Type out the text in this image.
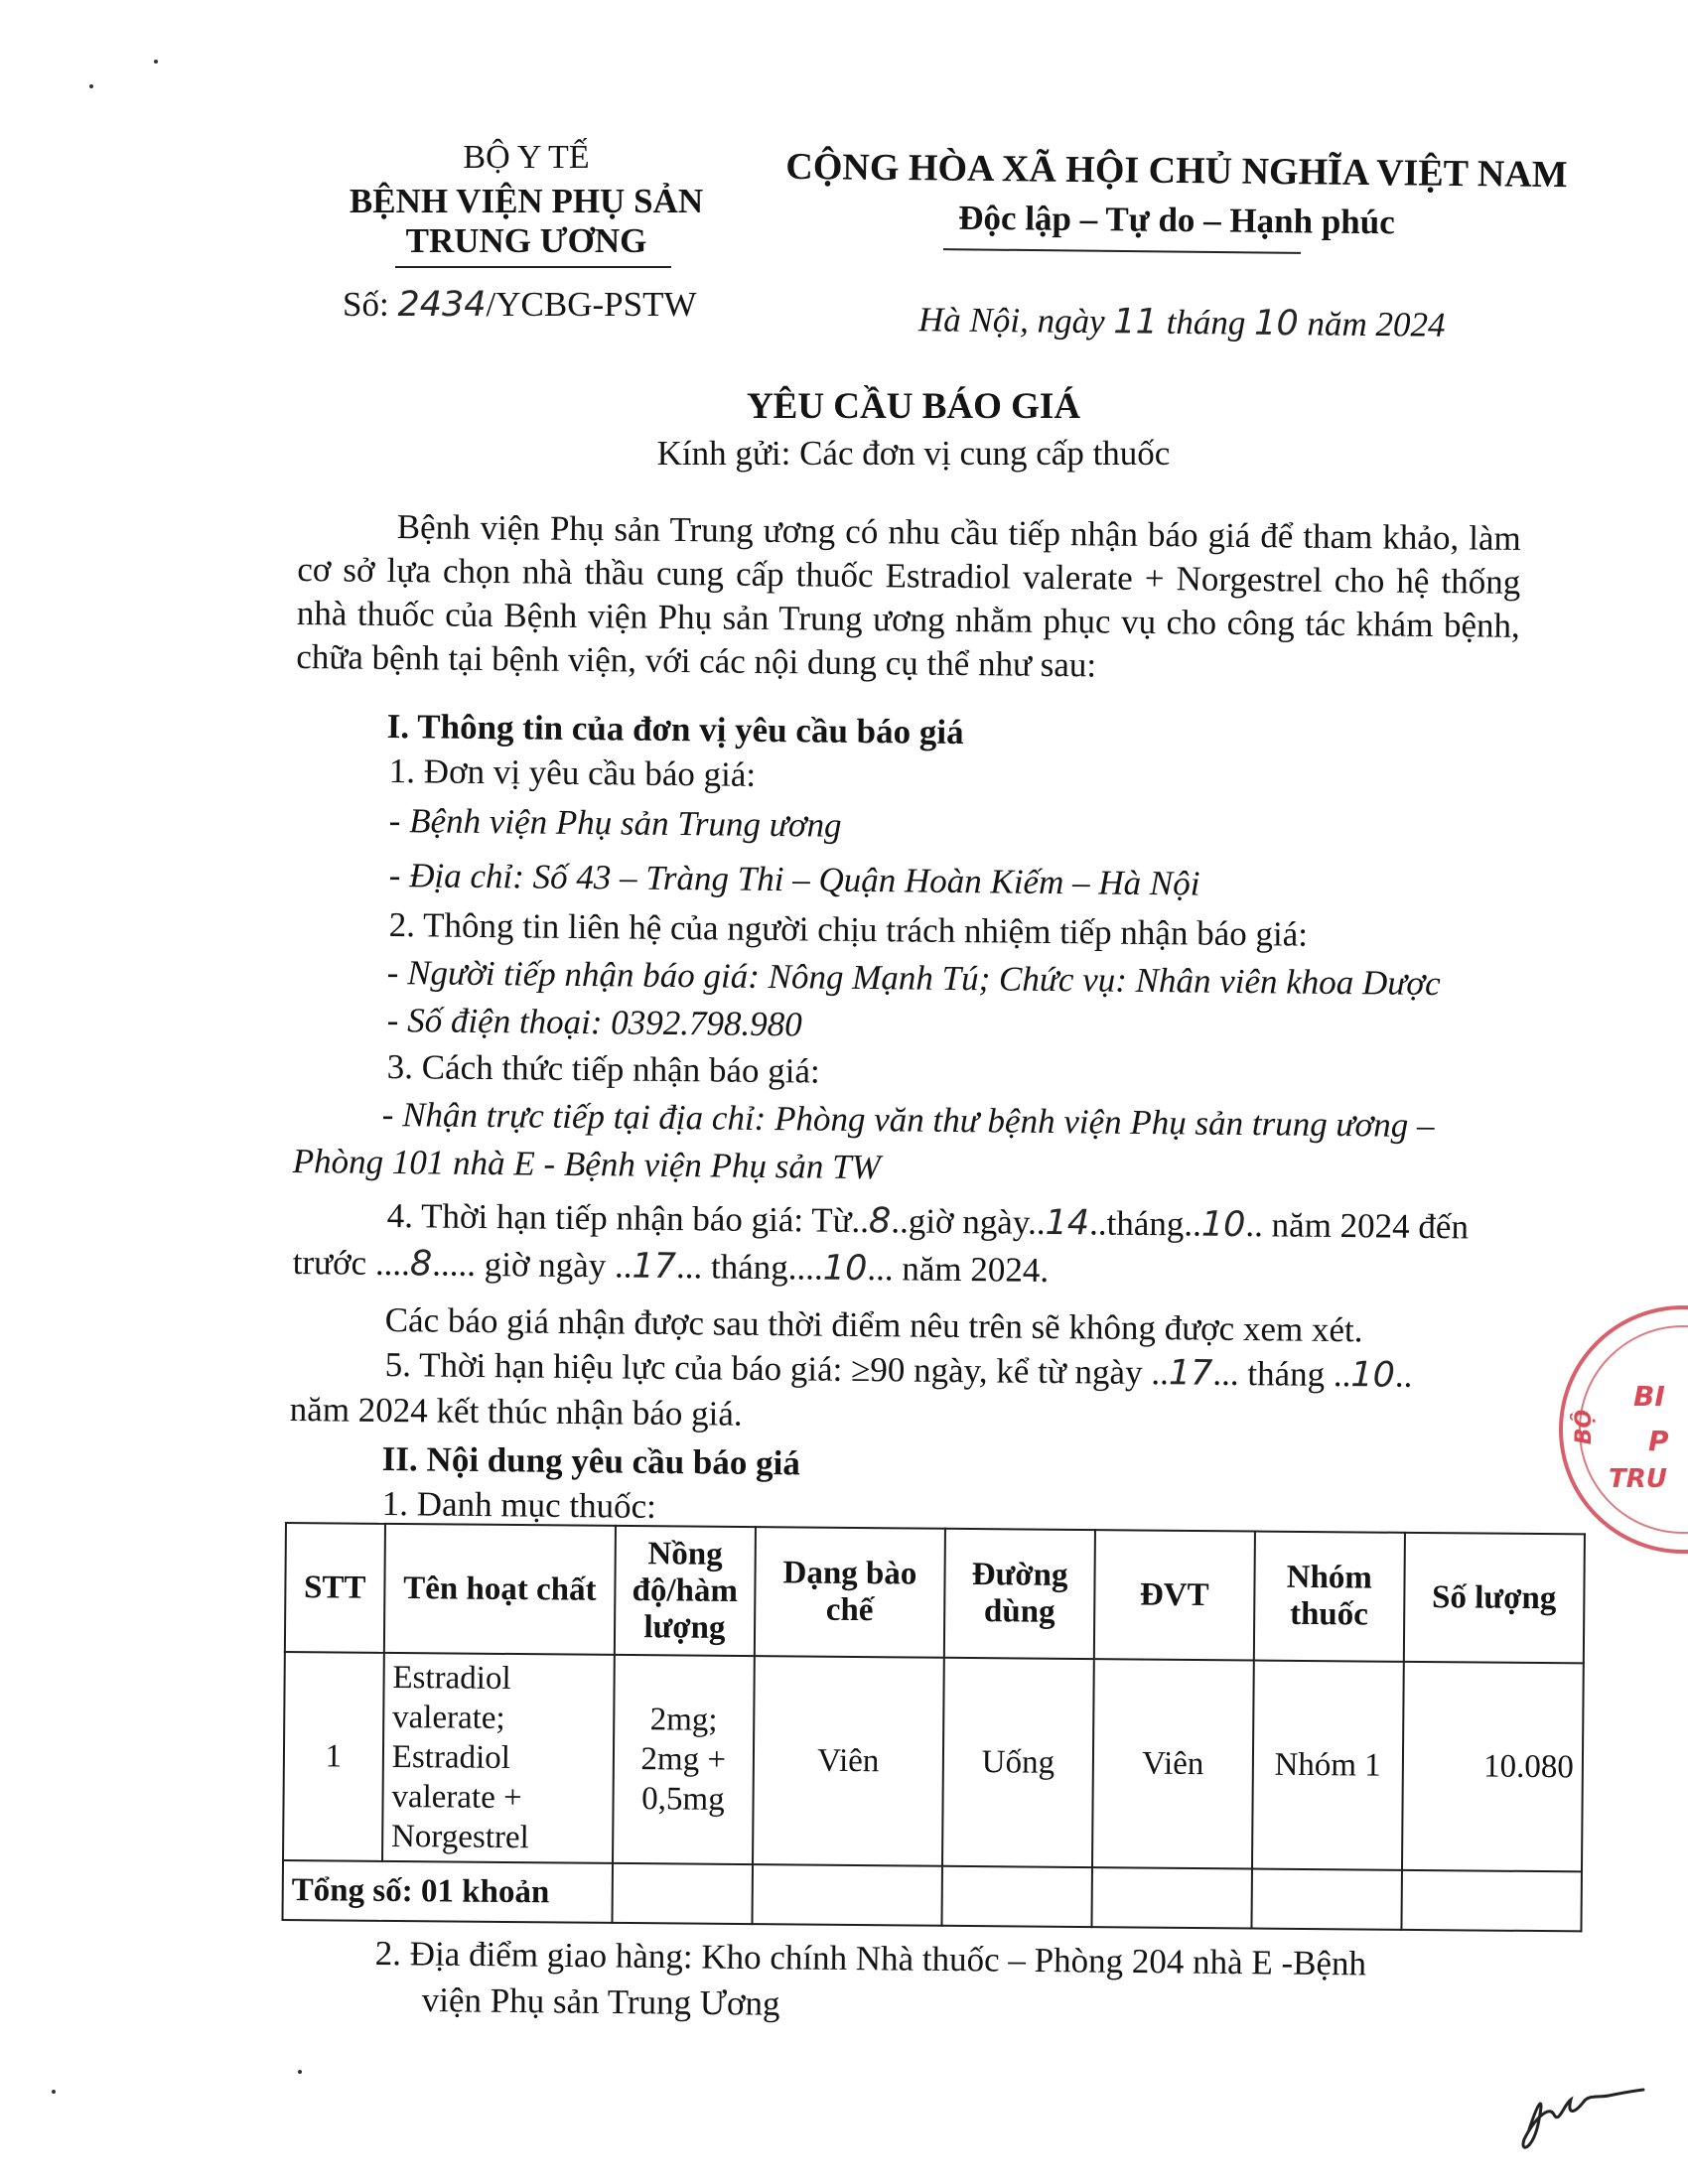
BỘ Y TẾ
BỆNH VIỆN PHỤ SẢN
TRUNG ƯƠNG
Số: 2434/YCBG-PSTW
CỘNG HÒA XÃ HỘI CHỦ NGHĨA VIỆT NAM
Độc lập – Tự do – Hạnh phúc
Hà Nội, ngày 11 tháng 10 năm 2024
YÊU CẦU BÁO GIÁ
Kính gửi: Các đơn vị cung cấp thuốc
Bệnh viện Phụ sản Trung ương có nhu cầu tiếp nhận báo giá để tham khảo, làm cơ sở lựa chọn nhà thầu cung cấp thuốc Estradiol valerate + Norgestrel cho hệ thống nhà thuốc của Bệnh viện Phụ sản Trung ương nhằm phục vụ cho công tác khám bệnh, chữa bệnh tại bệnh viện, với các nội dung cụ thể như sau:
I. Thông tin của đơn vị yêu cầu báo giá
1. Đơn vị yêu cầu báo giá:
- Bệnh viện Phụ sản Trung ương
- Địa chỉ: Số 43 – Tràng Thi – Quận Hoàn Kiếm – Hà Nội
2. Thông tin liên hệ của người chịu trách nhiệm tiếp nhận báo giá:
- Người tiếp nhận báo giá: Nông Mạnh Tú; Chức vụ: Nhân viên khoa Dược
- Số điện thoại: 0392.798.980
3. Cách thức tiếp nhận báo giá:
- Nhận trực tiếp tại địa chỉ: Phòng văn thư bệnh viện Phụ sản trung ương –
Phòng 101 nhà E - Bệnh viện Phụ sản TW
4. Thời hạn tiếp nhận báo giá: Từ..8..giờ ngày..14..tháng..10.. năm 2024 đến
trước ....8..... giờ ngày ..17... tháng....10... năm 2024.
Các báo giá nhận được sau thời điểm nêu trên sẽ không được xem xét.
5. Thời hạn hiệu lực của báo giá: ≥90 ngày, kể từ ngày ..17... tháng ..10..
năm 2024 kết thúc nhận báo giá.
II. Nội dung yêu cầu báo giá
1. Danh mục thuốc:
STT	Tên hoạt chất	Nồng độ/hàm lượng	Dạng bào chế	Đường dùng	ĐVT	Nhóm thuốc	Số lượng
1	Estradiol valerate; Estradiol valerate + Norgestrel	2mg; 2mg + 0,5mg	Viên	Uống	Viên	Nhóm 1	10.080
Tổng số: 01 khoản							
2. Địa điểm giao hàng: Kho chính Nhà thuốc – Phòng 204 nhà E -Bệnh
viện Phụ sản Trung Ương
BỘ
BI
P
TRU
